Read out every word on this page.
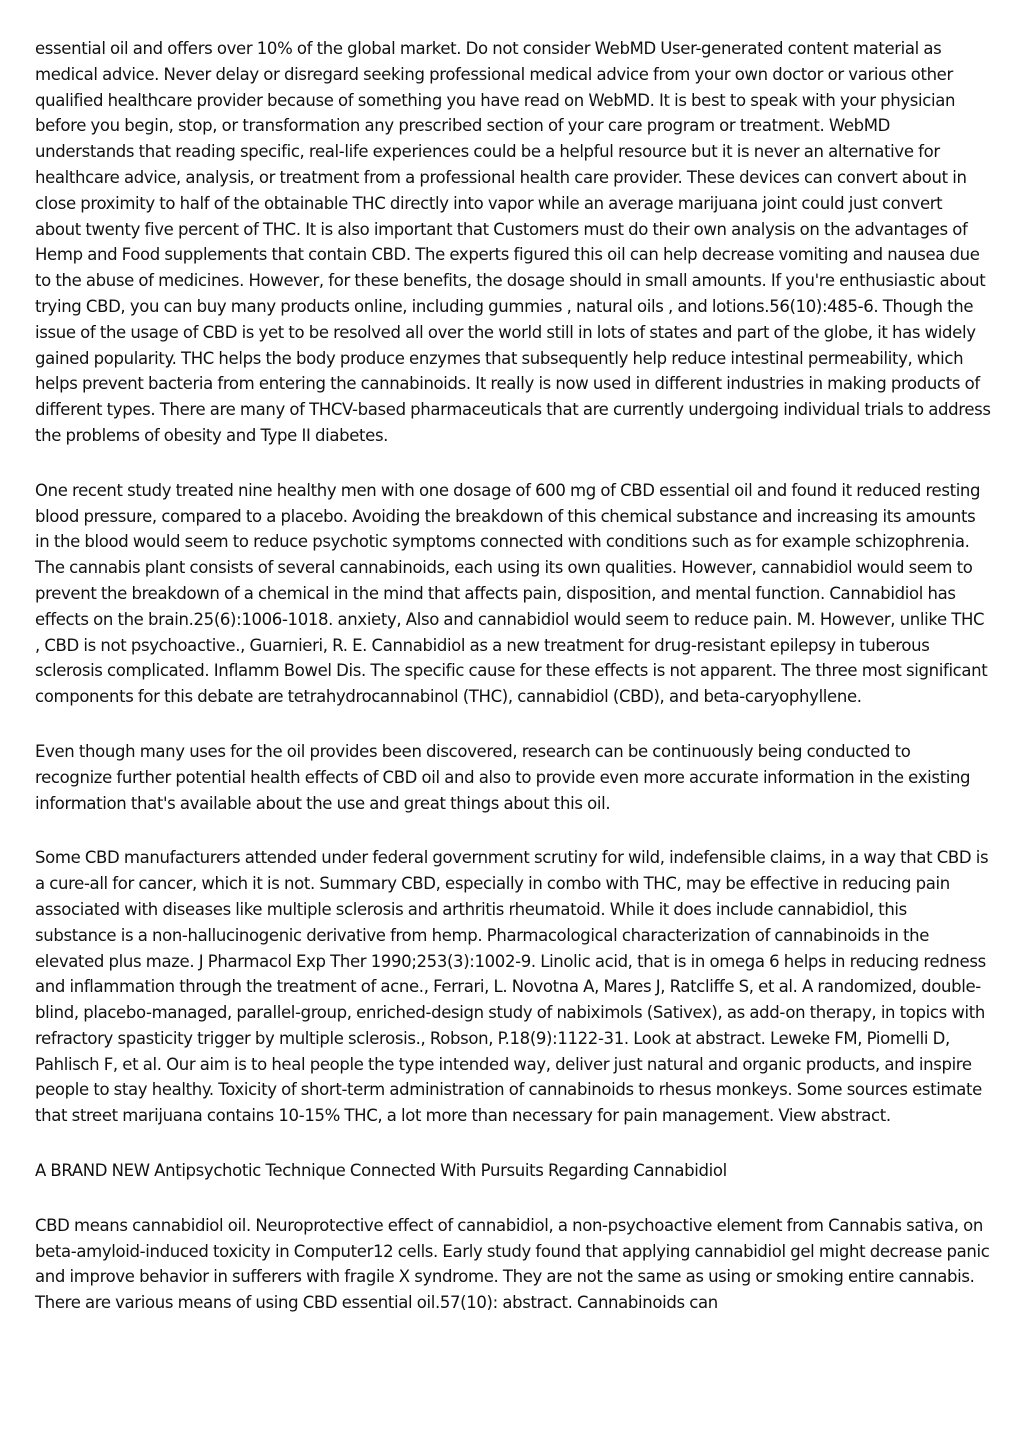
essential oil and offers over 10% of the global market. Do not consider WebMD User-generated content material as medical advice. Never delay or disregard seeking professional medical advice from your own doctor or various other qualified healthcare provider because of something you have read on WebMD. It is best to speak with your physician before you begin, stop, or transformation any prescribed section of your care program or treatment. WebMD understands that reading specific, real-life experiences could be a helpful resource but it is never an alternative for healthcare advice, analysis, or treatment from a professional health care provider. These devices can convert about in close proximity to half of the obtainable THC directly into vapor while an average marijuana joint could just convert about twenty five percent of THC. It is also important that Customers must do their own analysis on the advantages of Hemp and Food supplements that contain CBD. The experts figured this oil can help decrease vomiting and nausea due to the abuse of medicines. However, for these benefits, the dosage should in small amounts. If you're enthusiastic about trying CBD, you can buy many products online, including gummies , natural oils , and lotions.56(10):485-6. Though the issue of the usage of CBD is yet to be resolved all over the world still in lots of states and part of the globe, it has widely gained popularity. THC helps the body produce enzymes that subsequently help reduce intestinal permeability, which helps prevent bacteria from entering the cannabinoids. It really is now used in different industries in making products of different types. There are many of THCV-based pharmaceuticals that are currently undergoing individual trials to address the problems of obesity and Type II diabetes.

One recent study treated nine healthy men with one dosage of 600 mg of CBD essential oil and found it reduced resting blood pressure, compared to a placebo. Avoiding the breakdown of this chemical substance and increasing its amounts in the blood would seem to reduce psychotic symptoms connected with conditions such as for example schizophrenia. The cannabis plant consists of several cannabinoids, each using its own qualities. However, cannabidiol would seem to prevent the breakdown of a chemical in the mind that affects pain, disposition, and mental function. Cannabidiol has effects on the brain.25(6):1006-1018. anxiety, Also and cannabidiol would seem to reduce pain. M. However, unlike THC , CBD is not psychoactive., Guarnieri, R. E. Cannabidiol as a new treatment for drug-resistant epilepsy in tuberous sclerosis complicated. Inflamm Bowel Dis. The specific cause for these effects is not apparent. The three most significant components for this debate are tetrahydrocannabinol (THC), cannabidiol (CBD), and beta-caryophyllene.

Even though many uses for the oil provides been discovered, research can be continuously being conducted to recognize further potential health effects of CBD oil and also to provide even more accurate information in the existing information that's available about the use and great things about this oil.

Some CBD manufacturers attended under federal government scrutiny for wild, indefensible claims, in a way that CBD is a cure-all for cancer, which it is not. Summary CBD, especially in combo with THC, may be effective in reducing pain associated with diseases like multiple sclerosis and arthritis rheumatoid. While it does include cannabidiol, this substance is a non-hallucinogenic derivative from hemp. Pharmacological characterization of cannabinoids in the elevated plus maze. J Pharmacol Exp Ther 1990;253(3):1002-9. Linolic acid, that is in omega 6 helps in reducing redness and inflammation through the treatment of acne., Ferrari, L. Novotna A, Mares J, Ratcliffe S, et al. A randomized, double-blind, placebo-managed, parallel-group, enriched-design study of nabiximols (Sativex), as add-on therapy, in topics with refractory spasticity trigger by multiple sclerosis., Robson, P.18(9):1122-31. Look at abstract. Leweke FM, Piomelli D, Pahlisch F, et al. Our aim is to heal people the type intended way, deliver just natural and organic products, and inspire people to stay healthy. Toxicity of short-term administration of cannabinoids to rhesus monkeys. Some sources estimate that street marijuana contains 10-15% THC, a lot more than necessary for pain management. View abstract.

A BRAND NEW Antipsychotic Technique Connected With Pursuits Regarding Cannabidiol

CBD means cannabidiol oil. Neuroprotective effect of cannabidiol, a non-psychoactive element from Cannabis sativa, on beta-amyloid-induced toxicity in Computer12 cells. Early study found that applying cannabidiol gel might decrease panic and improve behavior in sufferers with fragile X syndrome. They are not the same as using or smoking entire cannabis. There are various means of using CBD essential oil.57(10): abstract. Cannabinoids can
